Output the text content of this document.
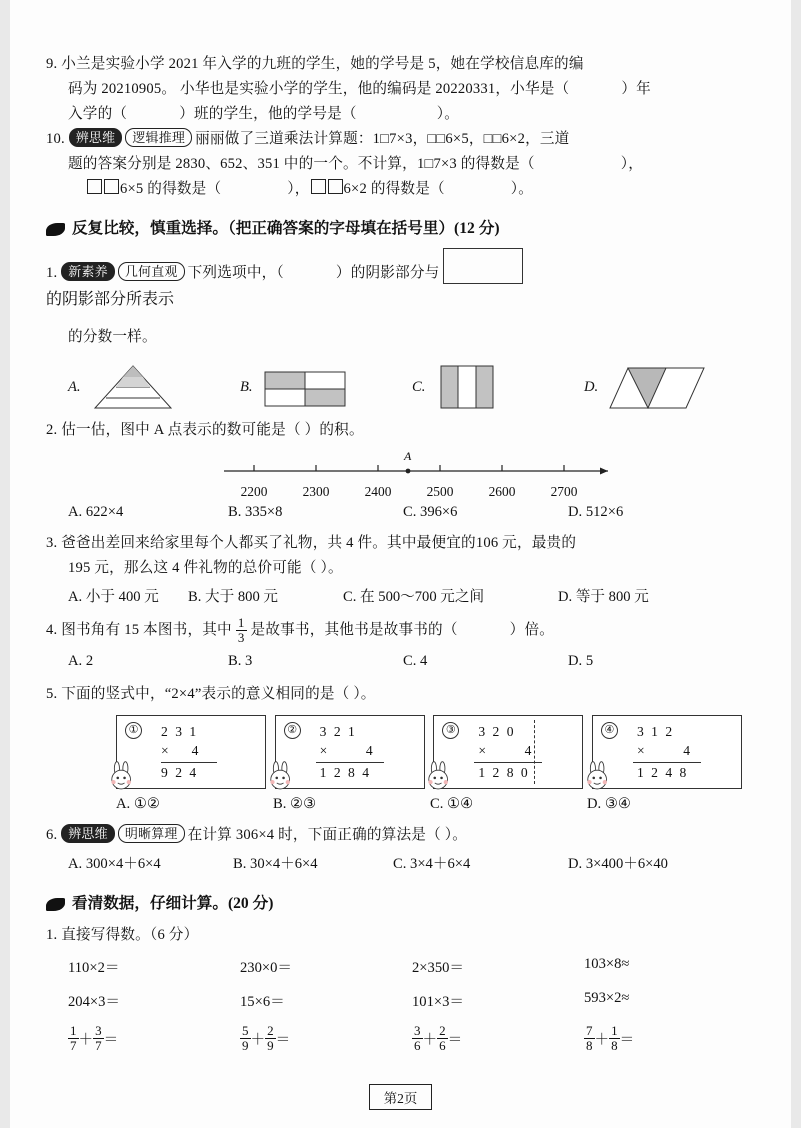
9. 小兰是实验小学 2021 年入学的九班的学生，她的学号是 5，她在学校信息库的编

码为 20210905。 小华也是实验小学的学生，他的编码是 20220331，小华是（	）年

入学的（	）班的学生，他的学号是（	）。

10. 辨思维 逻辑推理 丽丽做了三道乘法计算题：1□7×3，□□6×5，□□6×2，三道

题的答案分别是 2830、652、351 中的一个。不计算，1□7×3 的得数是（	），

6×5 的得数是（	）， 6×2 的得数是（	）。

反复比较，慎重选择。（把正确答案的字母填在括号里）(12 分)

1. 新素养 几何直观 下列选项中，（	）的阴影部分与

的阴影部分所表示

的分数一样。

A.	B.	C.	D.

2. 估一估，图中 A 点表示的数可能是（ ）的积。

A
2200	2300	2400	2500	2600	2700
A. 622×4	B. 335×8	C. 396×6	D. 512×6

3. 爸爸出差回来给家里每个人都买了礼物，共 4 件。其中最便宜的106 元，最贵的

195 元，那么这 4 件礼物的总价可能（ ）。

A. 小于 400 元	B. 大于 800 元	C. 在 500～700 元之间	D. 等于 800 元

4. 图书角有 15 本图书，其中 $\frac{1}{3}$ 是故事书，其他书是故事书的（	）倍。

A. 2	B. 3	C. 4	D. 5

5. 下面的竖式中，“2×4”表示的意义相同的是（ ）。

① 2 3 1
× 　4
9 2 4
② 3 2 1
× 　　4
1 2 8 4
③ 3 2 0
× 　　4
1 2 8 0
④ 3 1 2
× 　　4
1 2 4 8
A. ①②	B. ②③	C. ①④	D. ③④

6. 辨思维 明晰算理 在计算 306×4 时，下面正确的算法是（ ）。

A. 300×4＋6×4	B. 30×4＋6×4	C. 3×4＋6×4	D. 3×400＋6×40
看清数据，仔细计算。(20 分)

1. 直接写得数。（6 分）

110×2＝	230×0＝	2×350＝	103×8≈
204×3＝	15×6＝	101×3＝	593×2≈
$\frac{1}{7} + \frac{3}{7}$ ＝	$\frac{5}{9} + \frac{2}{9}$ ＝	$\frac{3}{6} + \frac{2}{6}$ ＝	$\frac{7}{8} + \frac{1}{8}$ ＝
第2页
